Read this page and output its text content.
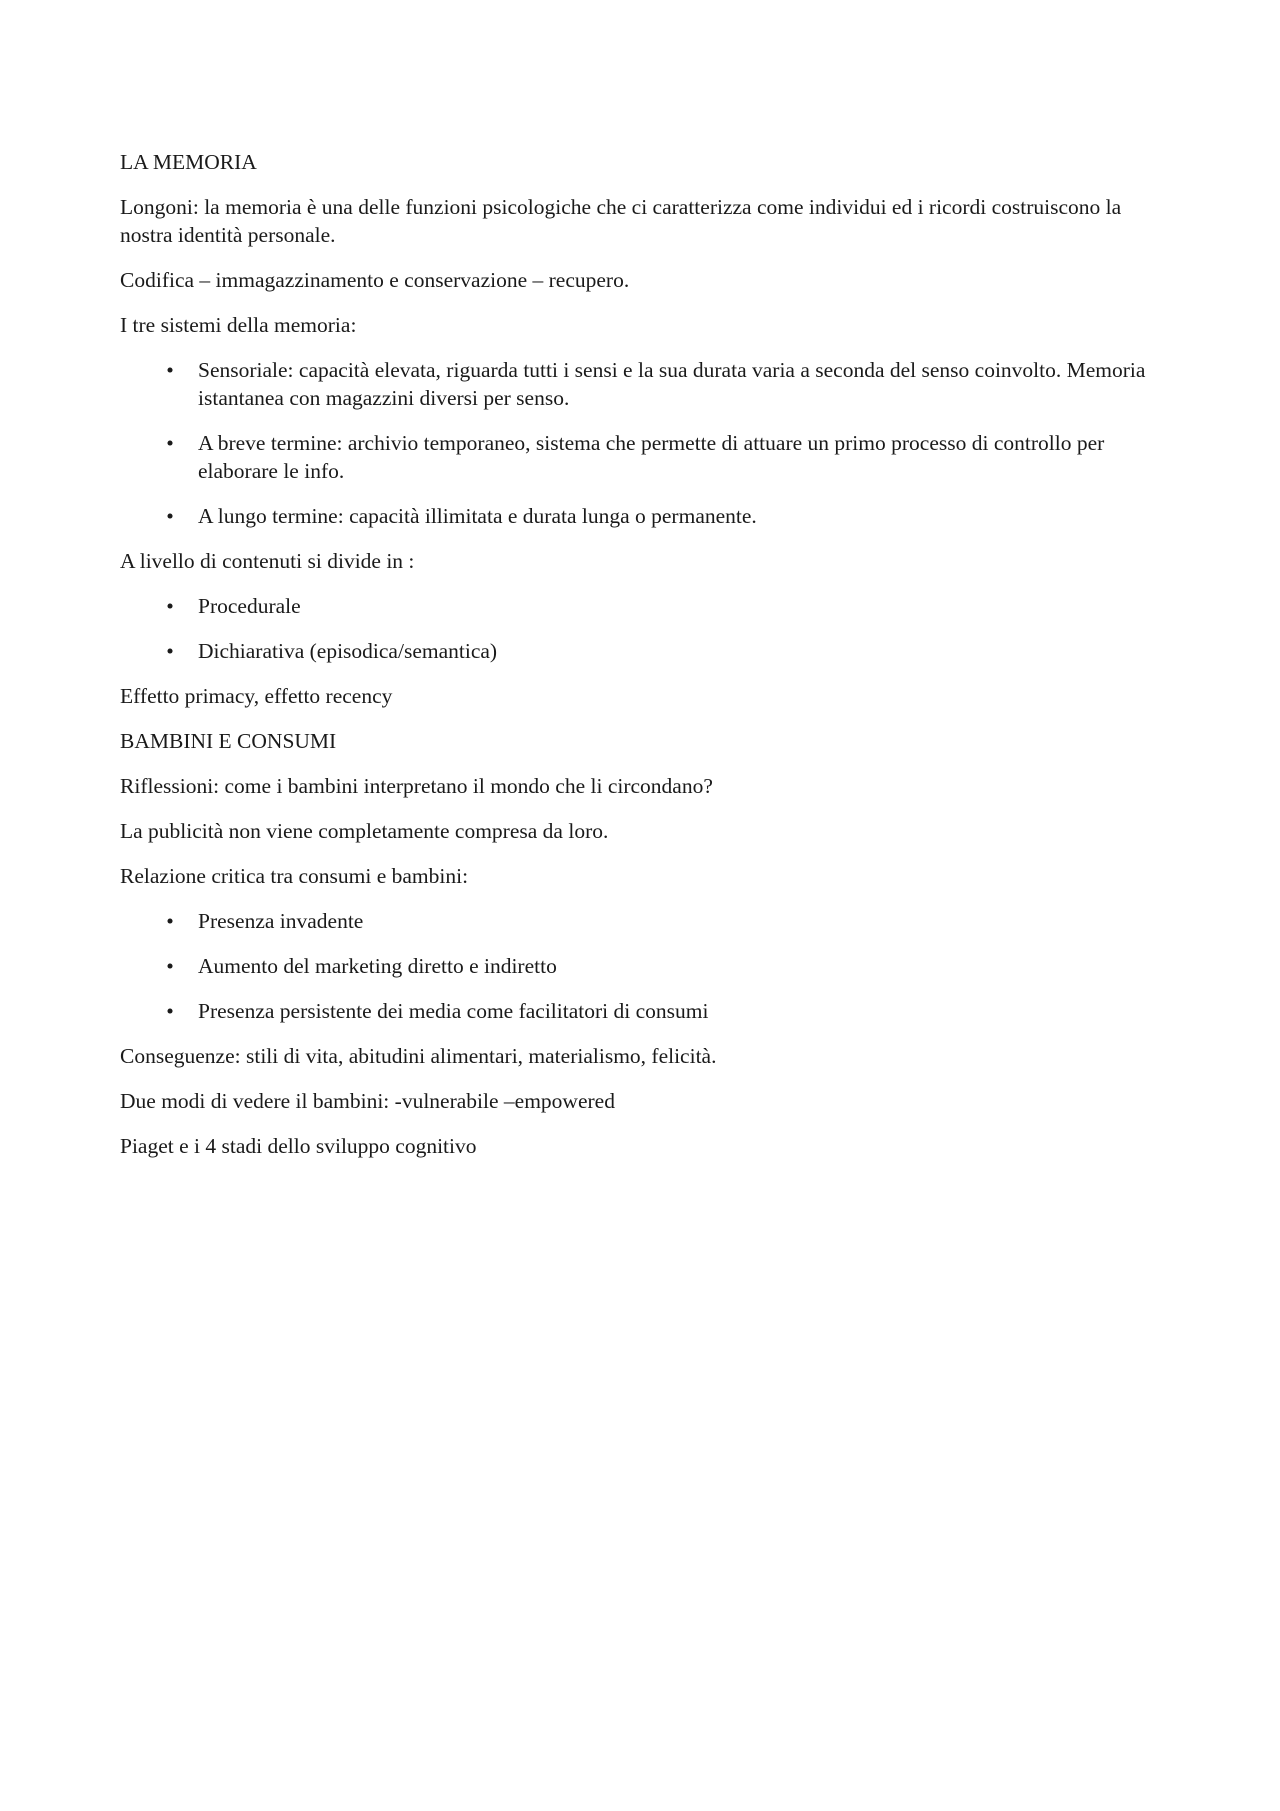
LA MEMORIA

Longoni: la memoria è una delle funzioni psicologiche che ci caratterizza come individui ed i ricordi costruiscono la nostra identità personale.

Codifica – immagazzinamento e conservazione – recupero.

I tre sistemi della memoria:

• Sensoriale: capacità elevata, riguarda tutti i sensi e la sua durata varia a seconda del senso coinvolto. Memoria istantanea con magazzini diversi per senso.
• A breve termine: archivio temporaneo, sistema che permette di attuare un primo processo di controllo per elaborare le info.
• A lungo termine: capacità illimitata e durata lunga o permanente.

A livello di contenuti si divide in :

• Procedurale
• Dichiarativa (episodica/semantica)

Effetto primacy, effetto recency

BAMBINI E CONSUMI

Riflessioni: come i bambini interpretano il mondo che li circondano?

La publicità non viene completamente compresa da loro.

Relazione critica tra consumi e bambini:

• Presenza invadente
• Aumento del marketing diretto e indiretto
• Presenza persistente dei media come facilitatori di consumi

Conseguenze: stili di vita, abitudini alimentari, materialismo, felicità.

Due modi di vedere il bambini: -vulnerabile –empowered

Piaget e i 4 stadi dello sviluppo cognitivo
